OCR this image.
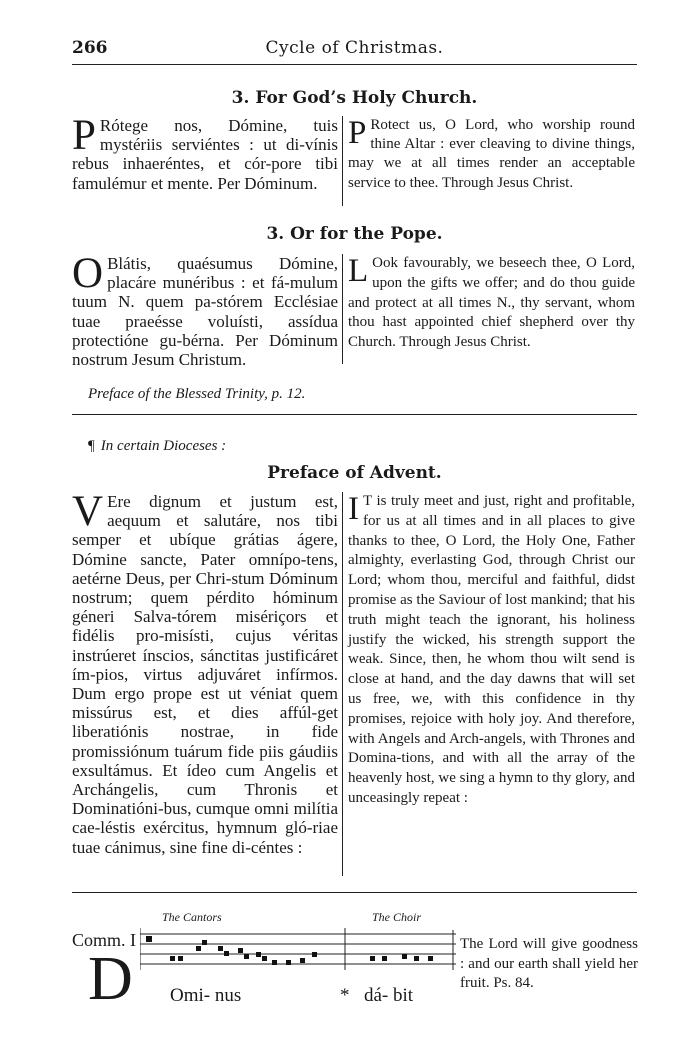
266	Cycle of Christmas.
3. For God’s Holy Church.
P Rótege nos, Dómine, tuis mystériis serviéntes : ut di-vínis rebus inhaeréntes, et cór-pore tibi famulémur et mente. Per Dóminum.
P Rotect us, O Lord, who worship round thine Altar : ever cleaving to divine things, may we at all times render an acceptable service to thee. Through Jesus Christ.
3. Or for the Pope.
O Blátis, quaésumus Dómine, placáre munéribus : et fá-mulum tuum N. quem pa-stórem Ecclésiae tuae praeésse voluísti, assídua protectióne gu-bérna. Per Dóminum nostrum Jesum Christum.
L Ook favourably, we beseech thee, O Lord, upon the gifts we offer; and do thou guide and protect at all times N., thy servant, whom thou hast appointed chief shepherd over thy Church. Through Jesus Christ.
Preface of the Blessed Trinity, p. 12.
¶ In certain Dioceses :
Preface of Advent.
V Ere dignum et justum est, aequum et salutáre, nos tibi semper et ubíque grátias ágere, Dómine sancte, Pater omnípo-tens, aetérne Deus, per Chri-stum Dóminum nostrum; quem pérdito hóminum géneri Salva-tórem misériçors et fidélis pro-misísti, cujus véritas instrúeret ínscios, sánctitas justificáret ím-pios, virtus adjuváret infírmos. Dum ergo prope est ut véniat quem missúrus est, et dies affúl-get liberatiónis nostrae, in fide promissiónum tuárum fide piis gáudiis exsultámus. Et ídeo cum Angelis et Archángelis, cum Thronis et Dominatióni-bus, cumque omni milítia cae-léstis exércitus, hymnum gló-riae tuae cánimus, sine fine di-céntes :
I T is truly meet and just, right and profitable, for us at all times and in all places to give thanks to thee, O Lord, the Holy One, Father almighty, everlasting God, through Christ our Lord; whom thou, merciful and faithful, didst promise as the Saviour of lost mankind; that his truth might teach the ignorant, his holiness justify the wicked, his strength support the weak. Since, then, he whom thou wilt send is close at hand, and the day dawns that will set us free, we, with this confidence in thy promises, rejoice with holy joy. And therefore, with Angels and Arch-angels, with Thrones and Domina-tions, and with all the array of the heavenly host, we sing a hymn to thy glory, and unceasingly repeat :
The Cantors	The Choir
Comm. I
D Omi- nus	* dá- bit
The Lord will give goodness : and our earth shall yield her fruit. Ps. 84.
